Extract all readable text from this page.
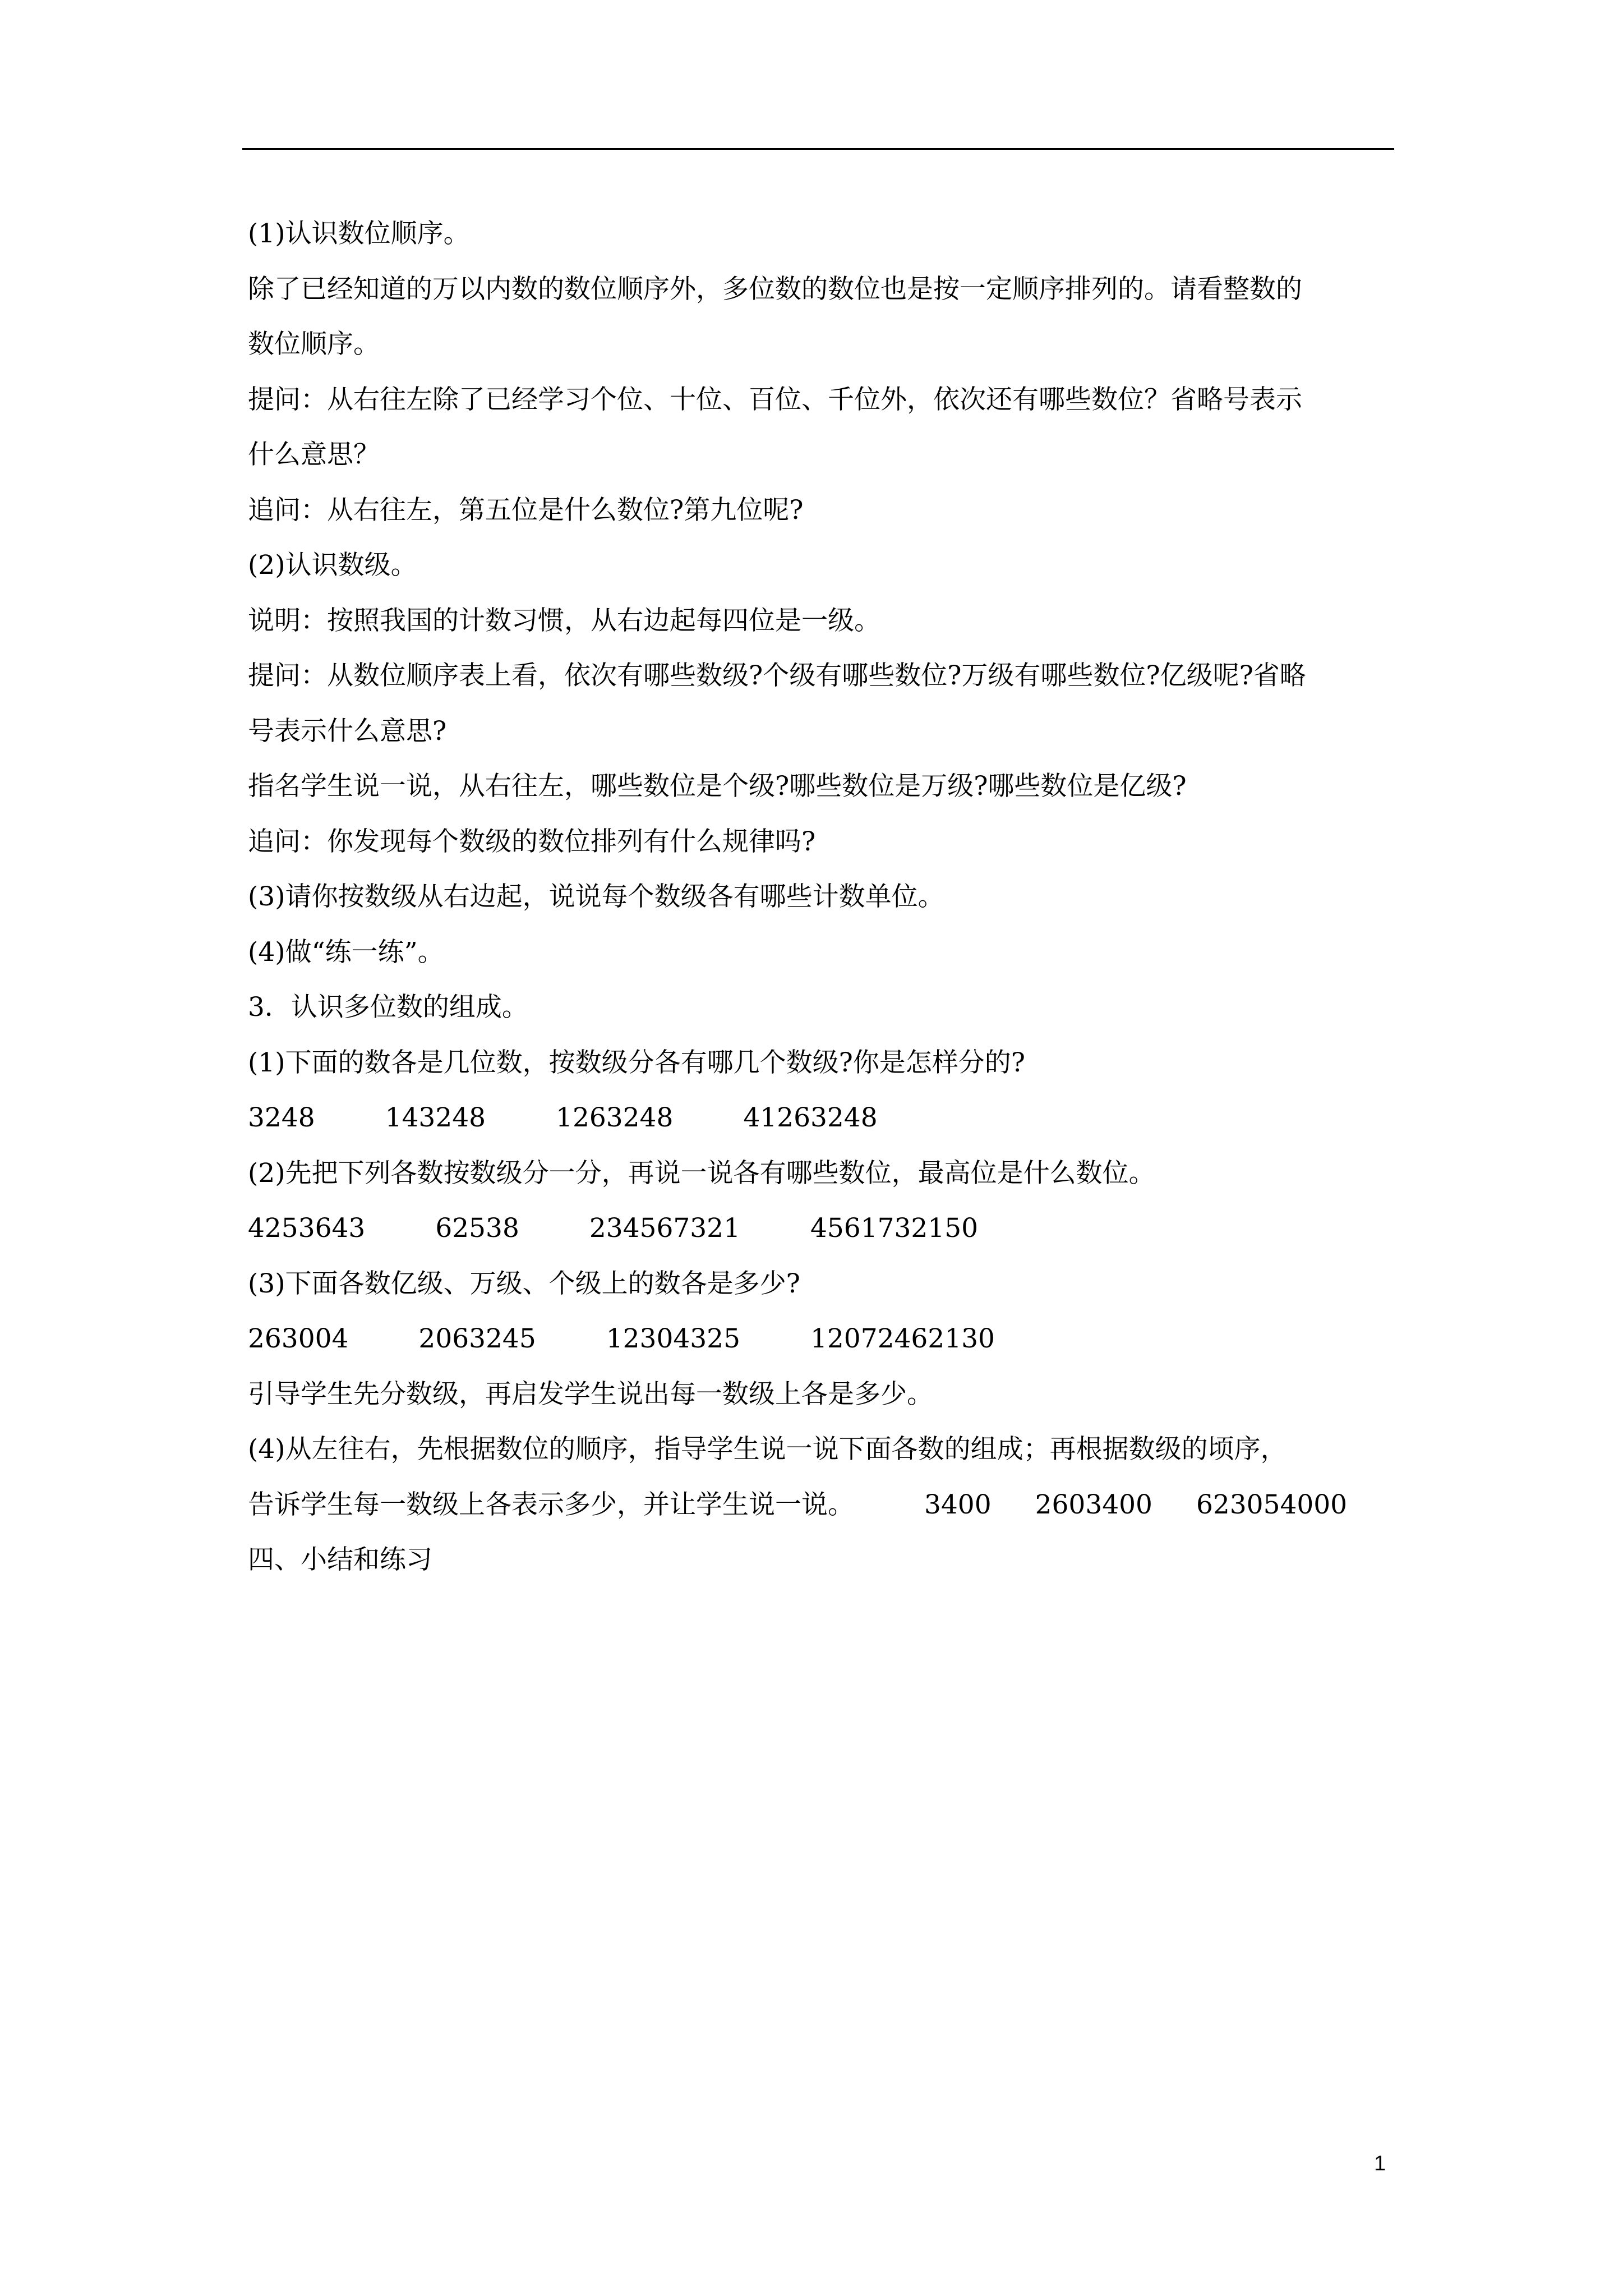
(1)认识数位顺序。
除了已经知道的万以内数的数位顺序外，多位数的数位也是按一定顺序排列的。请看整数的
数位顺序。
提问：从右往左除了已经学习个位、十位、百位、千位外，依次还有哪些数位？省略号表示
什么意思？
追问：从右往左，第五位是什么数位?第九位呢?
(2)认识数级。
说明：按照我国的计数习惯，从右边起每四位是一级。
提问：从数位顺序表上看，依次有哪些数级?个级有哪些数位?万级有哪些数位?亿级呢?省略
号表示什么意思?
指名学生说一说，从右往左，哪些数位是个级?哪些数位是万级?哪些数位是亿级?
追问：你发现每个数级的数位排列有什么规律吗?
(3)请你按数级从右边起，说说每个数级各有哪些计数单位。
(4)做“练一练”。
3．认识多位数的组成。
(1)下面的数各是几位数，按数级分各有哪几个数级?你是怎样分的?
3248	143248	1263248	41263248
(2)先把下列各数按数级分一分，再说一说各有哪些数位，最高位是什么数位。
4253643	62538	234567321	4561732150
(3)下面各数亿级、万级、个级上的数各是多少?
263004	2063245	12304325	12072462130
引导学生先分数级，再启发学生说出每一数级上各是多少。
(4)从左往右，先根据数位的顺序，指导学生说一说下面各数的组成；再根据数级的顷序，
告诉学生每一数级上各表示多少，并让学生说一说。	3400 2603400 623054000
四、小结和练习
1
